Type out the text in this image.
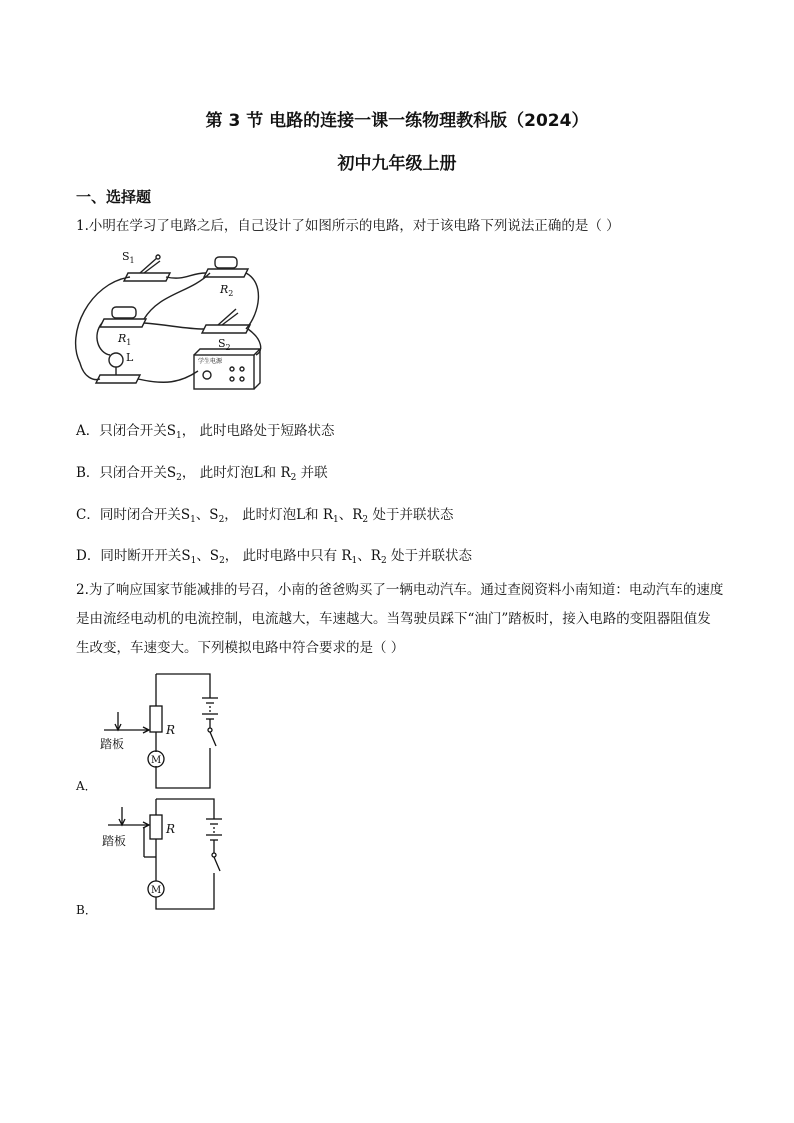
第 3 节 电路的连接一课一练物理教科版（2024）
初中九年级上册
一、选择题
1.小明在学习了电路之后，自己设计了如图所示的电路，对于该电路下列说法正确的是（ ）
$S_1$
$R_2$
$R_1$	$S_2$
L	学生电源
A．只闭合开关$S_1$， 此时电路处于短路状态
B．只闭合开关$S_2$， 此时灯泡L和 $R_2$ 并联
C．同时闭合开关$S_1$、$S_2$， 此时灯泡L和 $R_1$、$R_2$ 处于并联状态
D．同时断开开关$S_1$、$S_2$， 此时电路中只有 $R_1$、$R_2$ 处于并联状态
2.为了响应国家节能减排的号召，小南的爸爸购买了一辆电动汽车。通过查阅资料小南知道：电动汽车的速度是由流经电动机的电流控制，电流越大，车速越大。当驾驶员踩下“油门”踏板时，接入电路的变阻器阻值发生改变，车速变大。下列模拟电路中符合要求的是（ ）
踏板
R
M
A．
踏板
R
M
B．
